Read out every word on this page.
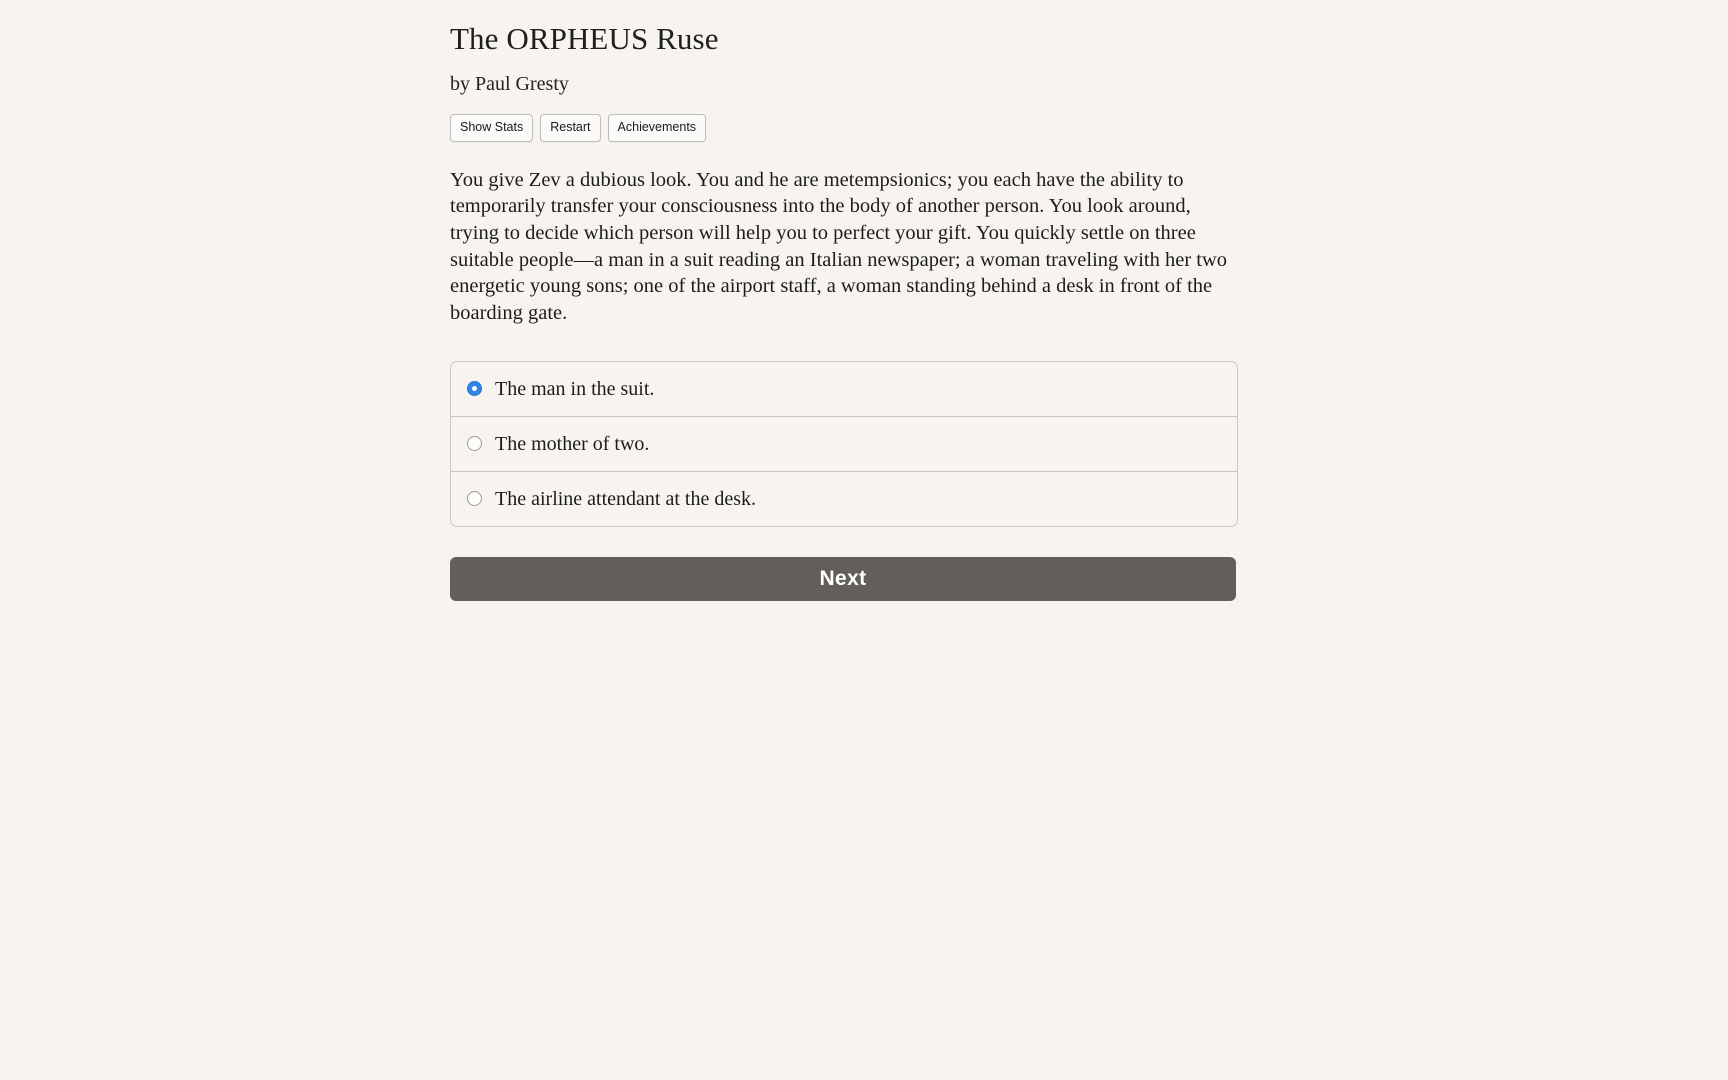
The ORPHEUS Ruse
by Paul Gresty
Show Stats	Restart	Achievements

You give Zev a dubious look. You and he are metempsionics; you each have the ability to temporarily transfer your consciousness into the body of another person. You look around, trying to decide which person will help you to perfect your gift. You quickly settle on three suitable people—a man in a suit reading an Italian newspaper; a woman traveling with her two energetic young sons; one of the airport staff, a woman standing behind a desk in front of the boarding gate.

The man in the suit.
The mother of two.
The airline attendant at the desk.
Next
